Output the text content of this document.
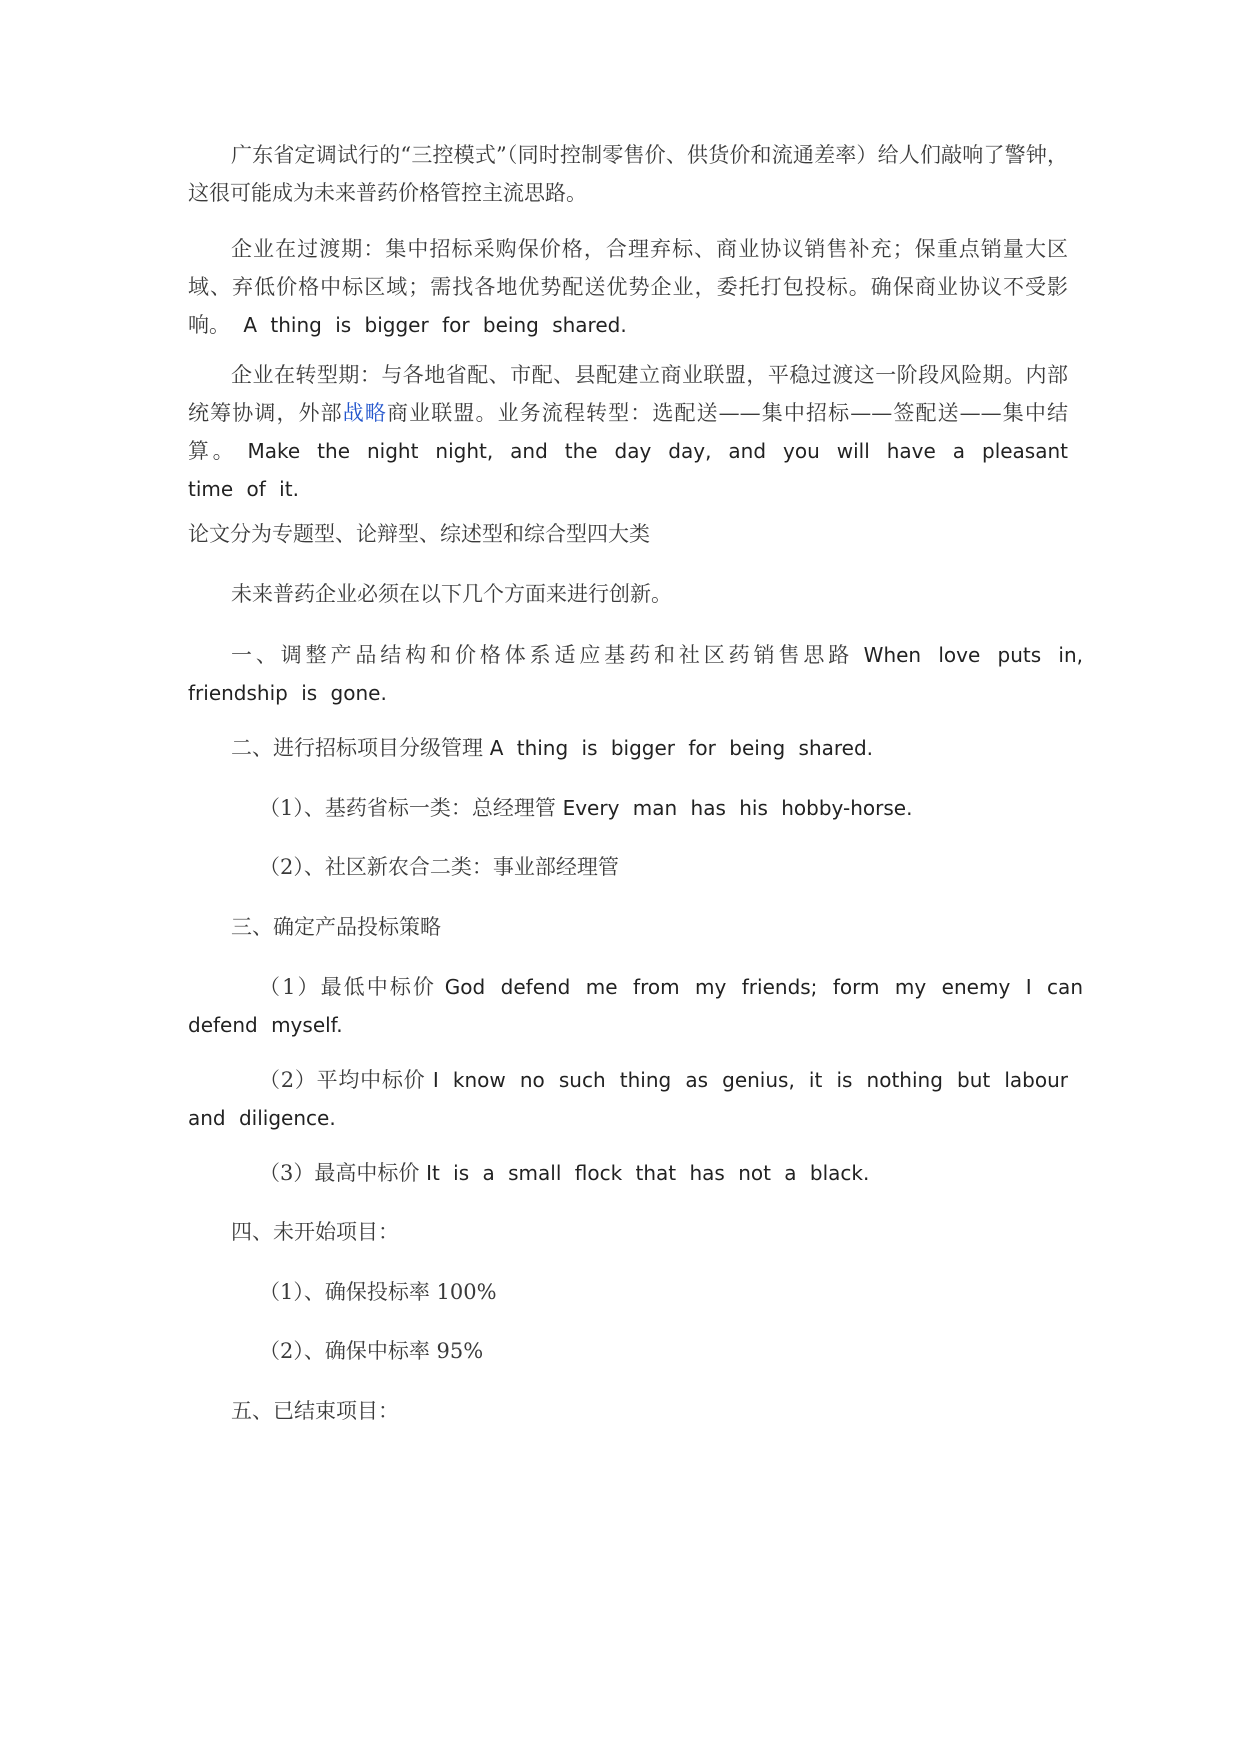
广东省定调试行的“三控模式”（同时控制零售价、供货价和流通差率）给人们敲响了警钟，这很可能成为未来普药价格管控主流思路。
企业在过渡期：集中招标采购保价格，合理弃标、商业协议销售补充；保重点销量大区域、弃低价格中标区域；需找各地优势配送优势企业，委托打包投标。确保商业协议不受影响。 A thing is bigger for being shared.
企业在转型期：与各地省配、市配、县配建立商业联盟，平稳过渡这一阶段风险期。内部统筹协调，外部战略商业联盟。业务流程转型：选配送——集中招标——签配送——集中结算。 Make the night night, and the day day, and you will have a pleasant time of it.
论文分为专题型、论辩型、综述型和综合型四大类
未来普药企业必须在以下几个方面来进行创新。
一、调整产品结构和价格体系适应基药和社区药销售思路 When love puts in, friendship is gone.
二、进行招标项目分级管理 A thing is bigger for being shared.
（1）、基药省标一类：总经理管 Every man has his hobby-horse.
（2）、社区新农合二类：事业部经理管
三、确定产品投标策略
（1）最低中标价 God defend me from my friends; form my enemy I can defend myself.
（2）平均中标价 I know no such thing as genius, it is nothing but labour and diligence.
（3）最高中标价 It is a small flock that has not a black.
四、未开始项目：
（1）、确保投标率 100%
（2）、确保中标率 95%
五、已结束项目：
